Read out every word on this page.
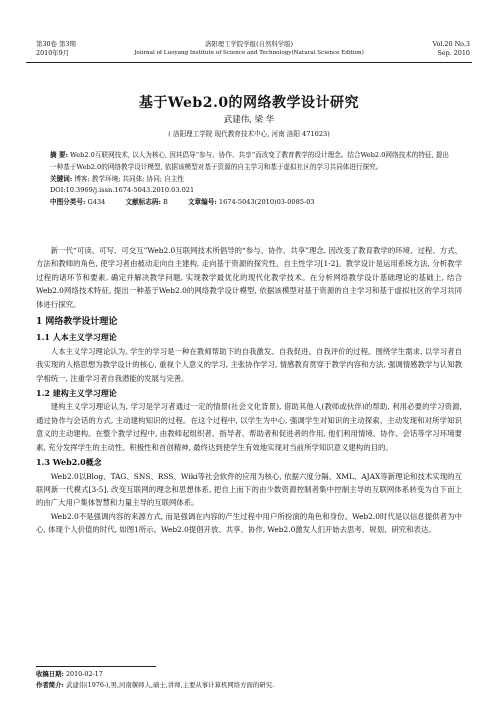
第30卷 第3期
2010年9月
洛阳理工学院学报(自然科学版)
Journal of Luoyang Institute of Science and Technology(Natural Science Edition)
Vol.20 No.3
Sep. 2010
基于Web2.0的网络教学设计研究
武建伟, 梁 华
( 洛阳理工学院 现代教育技术中心, 河南 洛阳 471023)
摘 要: Web2.0互联网技术, 以人为核心, 因其倡导“参与、协作、共享”而改变了教育教学的设计理念。结合Web2.0网络技术的特征, 提出一种基于Web2.0的网络教学设计模型, 依据该模型对基于资源的自主学习和基于虚拟社区的学习共同体进行探究。
关键词: 博客; 教学环境; 共同体; 协同; 自主性
DOI:10.3969/j.issn.1674-5043.2010.03.021
中图分类号: G434	文献标志码: B	文章编号: 1674-5043(2010)03-0085-03

新一代“可读、可写、可交互”Web2.0互联网技术所倡导的“参与、协作、共享”理念, 因改变了教育教学的环境、过程、方式、方法和教师的角色, 使学习者由被动走向自主建构, 走向基于资源的探究性、自主性学习[1-2]。教学设计是运用系统方法, 分析教学过程的诸环节和要素, 确定并解决教学问题, 实现教学最优化的现代化教学技术。在分析网络教学设计基础理论的基础上, 结合Web2.0网络技术特征, 提出一种基于Web2.0的网络教学设计模型, 依据该模型对基于资源的自主学习和基于虚拟社区的学习共同体进行探究。

1 网络教学设计理论
1.1 人本主义学习理论

人本主义学习理论认为, 学生的学习是一种在教师帮助下的自我激发、自我促进、自我评价的过程。围绕学生需求, 以学习者自我实现的人格思想为教学设计的核心, 重视个人意义的学习, 主张协作学习, 情感教育贯穿于教学内容和方法, 强调情感教学与认知教学相统一, 注重学习者自我潜能的发展与完善。

1.2 建构主义学习理论

建构主义学习理论认为, 学习是学习者通过一定的情景(社会文化背景), 借助其他人(教师或伙伴)的帮助, 利用必要的学习资源, 通过协作与会话的方式, 主动建构知识的过程。在这个过程中, 以学生为中心, 强调学生对知识的主动探索、主动发现和对所学知识意义的主动建构。在整个教学过程中, 由教师起组织者、指导者、帮助者和促进者的作用, 他们利用情境、协作、会话等学习环境要素, 充分发挥学生的主动性、积极性和首创精神, 最终达到使学生有效地实现对当前所学知识意义建构的目的。

1.3 Web2.0概念

Web2.0以Blog、TAG、SNS、RSS、Wiki等社会软件的应用为核心, 依据六度分隔、XML、AJAX等新理论和技术实现的互联网新一代模式[3-5], 改变互联网的理念和思想体系, 把自上而下的由少数资源控制者集中控制主导的互联网体系转变为自下而上的由广大用户集体智慧和力量主导的互联网体系。

Web2.0不是强调内容的来源方式, 而是强调在内容的产生过程中用户所扮演的角色和身份。Web2.0时代是以信息提供者为中心, 体现个人价值的时代, 如图1所示。Web2.0提倡开放、共享、协作, Web2.0激发人们开始去思考、规划、研究和表达。

收稿日期: 2010-02-17
作者简介: 武建伟(1976-),男,河南偃师人,硕士,讲师,主要从事计算机网络方面的研究.
